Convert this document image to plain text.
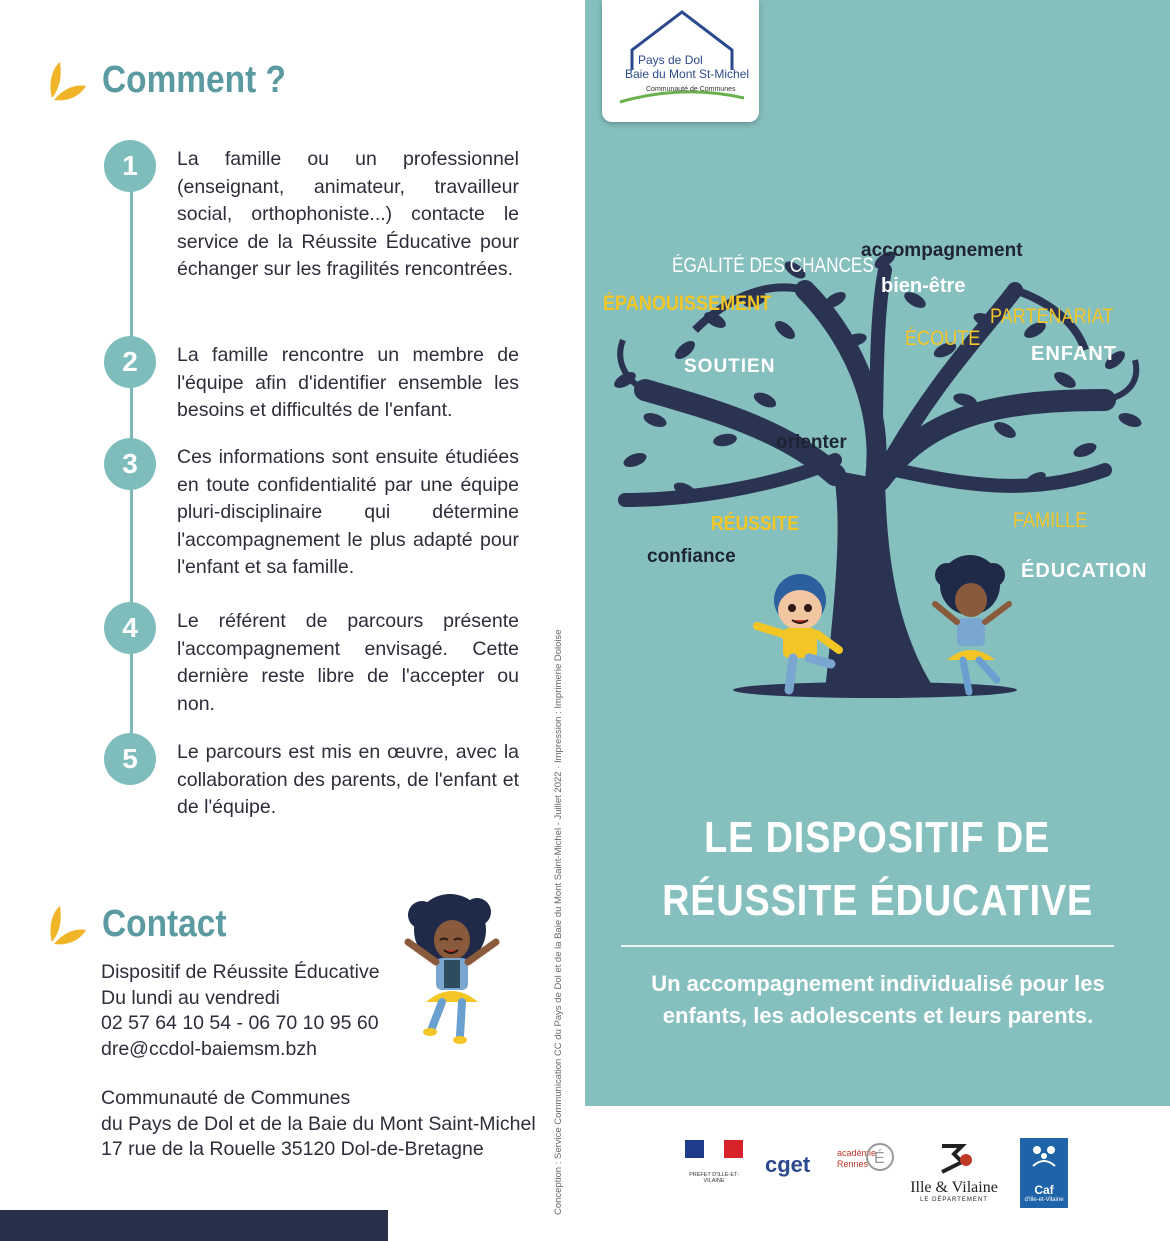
Comment ?
1	La famille ou un professionnel (enseignant, animateur, travailleur social, orthophoniste...) contacte le service de la Réussite Éducative pour échanger sur les fragilités rencontrées.

2	La famille rencontre un membre de l'équipe afin d'identifier ensemble les besoins et difficultés de l'enfant.

3	Ces informations sont ensuite étudiées en toute confidentialité par une équipe pluri-disciplinaire qui détermine l'accompagnement le plus adapté pour l'enfant et sa famille.

4	Le référent de parcours présente l'accompagnement envisagé. Cette dernière reste libre de l'accepter ou non.

5	Le parcours est mis en œuvre, avec la collaboration des parents, de l'enfant et de l'équipe.

Contact
Dispositif de Réussite Éducative
Du lundi au vendredi
02 57 64 10 54 - 06 70 10 95 60
dre@ccdol-baiemsm.bzh
Communauté de Communes
du Pays de Dol et de la Baie du Mont Saint-Michel
17 rue de la Rouelle 35120 Dol-de-Bretagne	Conception : Service Communication CC du Pays de Dol et de la Baie du Mont Saint-Michel - Juillet 2022 · Impression : Imprimerie Doloise
Pays de Dol
Baie du Mont St-Michel
Communauté de Communes
ÉGALITÉ DES CHANCES
accompagnement
bien-être
ÉPANOUISSEMENT
PARTENARIAT
ÉCOUTE
ENFANT
SOUTIEN
orienter
RÉUSSITE	FAMILLE
confiance
ÉDUCATION
LE DISPOSITIF DE
RÉUSSITE ÉDUCATIVE
Un accompagnement individualisé pour les enfants, les adolescents et leurs parents.
PRÉFET D'ILLE-ET-VILAINE
cget	académie Rennes É
Ille & Vilaine
LE DÉPARTEMENT
Caf
d'Ille-et-Vilaine
